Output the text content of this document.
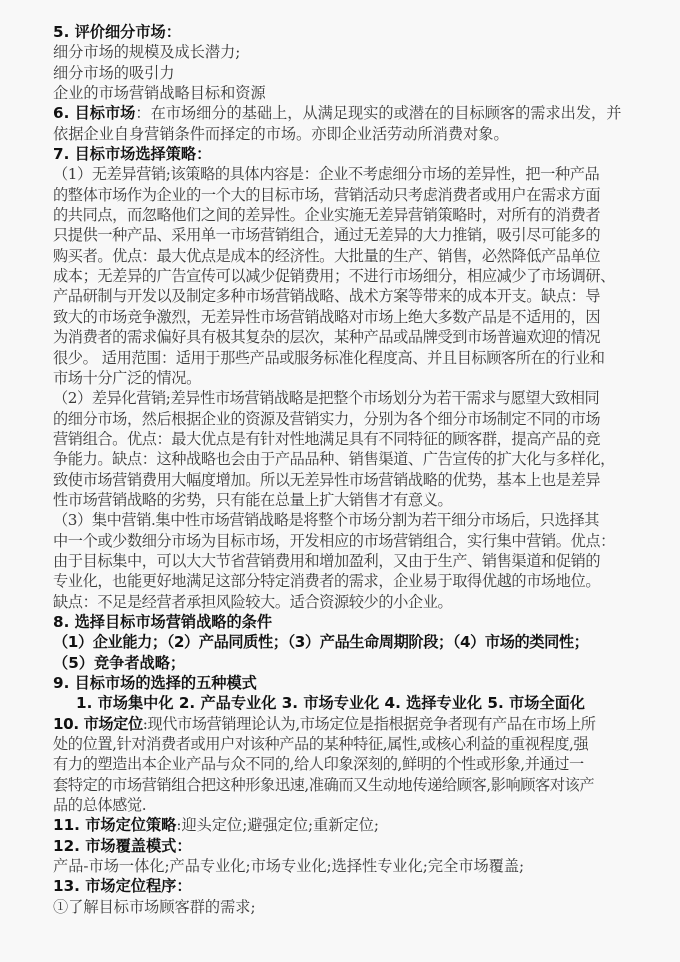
5. 评价细分市场：
细分市场的规模及成长潜力;
细分市场的吸引力
企业的市场营销战略目标和资源
6. 目标市场：在市场细分的基础上，从满足现实的或潜在的目标顾客的需求出发，并
依据企业自身营销条件而择定的市场。亦即企业活劳动所消费对象。
7. 目标市场选择策略：
（1）无差异营销;该策略的具体内容是：企业不考虑细分市场的差异性，把一种产品
的整体市场作为企业的一个大的目标市场，营销活动只考虑消费者或用户在需求方面
的共同点，而忽略他们之间的差异性。企业实施无差异营销策略时，对所有的消费者
只提供一种产品、采用单一市场营销组合，通过无差异的大力推销，吸引尽可能多的
购买者。优点：最大优点是成本的经济性。大批量的生产、销售，必然降低产品单位
成本；无差异的广告宣传可以减少促销费用；不进行市场细分，相应减少了市场调研、
产品研制与开发以及制定多种市场营销战略、战术方案等带来的成本开支。缺点：导
致大的市场竞争激烈，无差异性市场营销战略对市场上绝大多数产品是不适用的，因
为消费者的需求偏好具有极其复杂的层次，某种产品或品牌受到市场普遍欢迎的情况
很少。 适用范围：适用于那些产品或服务标准化程度高、并且目标顾客所在的行业和
市场十分广泛的情况。
（2）差异化营销;差异性市场营销战略是把整个市场划分为若干需求与愿望大致相同
的细分市场，然后根据企业的资源及营销实力，分别为各个细分市场制定不同的市场
营销组合。优点：最大优点是有针对性地满足具有不同特征的顾客群，提高产品的竞
争能力。缺点：这种战略也会由于产品品种、销售渠道、广告宣传的扩大化与多样化，
致使市场营销费用大幅度增加。所以无差异性市场营销战略的优势，基本上也是差异
性市场营销战略的劣势，只有能在总量上扩大销售才有意义。
（3）集中营销.集中性市场营销战略是将整个市场分割为若干细分市场后，只选择其
中一个或少数细分市场为目标市场，开发相应的市场营销组合，实行集中营销。优点：
由于目标集中，可以大大节省营销费用和增加盈利，又由于生产、销售渠道和促销的
专业化，也能更好地满足这部分特定消费者的需求，企业易于取得优越的市场地位。
缺点：不足是经营者承担风险较大。适合资源较少的小企业。
8. 选择目标市场营销战略的条件
（1）企业能力；（2）产品同质性；（3）产品生命周期阶段；（4）市场的类同性；
（5）竞争者战略；
9. 目标市场的选择的五种模式
1. 市场集中化 2. 产品专业化 3. 市场专业化 4. 选择专业化 5. 市场全面化
10. 市场定位:现代市场营销理论认为,市场定位是指根据竞争者现有产品在市场上所
处的位置,针对消费者或用户对该种产品的某种特征,属性,或核心利益的重视程度,强
有力的塑造出本企业产品与众不同的,给人印象深刻的,鲜明的个性或形象,并通过一
套特定的市场营销组合把这种形象迅速,准确而又生动地传递给顾客,影响顾客对该产
品的总体感觉.
11. 市场定位策略:迎头定位;避强定位;重新定位;
12. 市场覆盖模式：
产品-市场一体化;产品专业化;市场专业化;选择性专业化;完全市场覆盖;
13. 市场定位程序：
①了解目标市场顾客群的需求;
